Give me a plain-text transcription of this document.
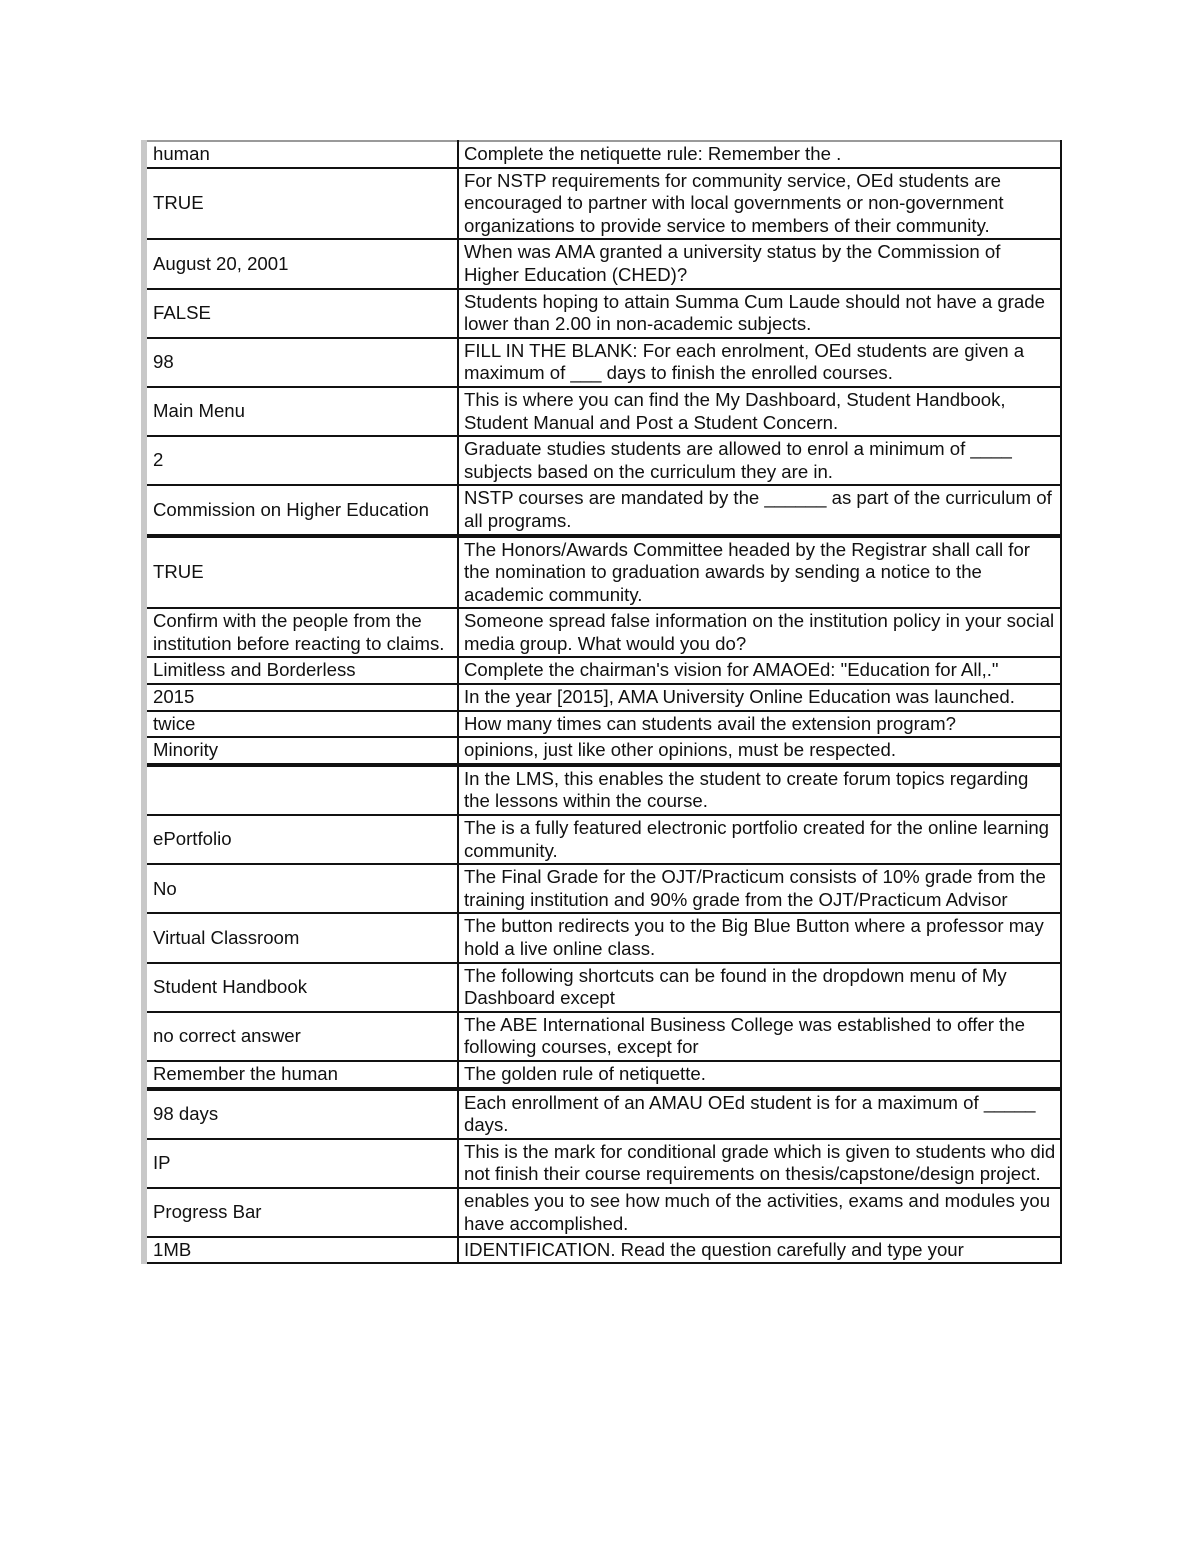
human	Complete the netiquette rule: Remember the .
TRUE	For NSTP requirements for community service, OEd students are encouraged to partner with local governments or non-government organizations to provide service to members of their community.
August 20, 2001	When was AMA granted a university status by the Commission of Higher Education (CHED)?
FALSE	Students hoping to attain Summa Cum Laude should not have a grade lower than 2.00 in non-academic subjects.
98	FILL IN THE BLANK: For each enrolment, OEd students are given a maximum of ___ days to finish the enrolled courses.
Main Menu	This is where you can find the My Dashboard, Student Handbook, Student Manual and Post a Student Concern.
2	Graduate studies students are allowed to enrol a minimum of ____ subjects based on the curriculum they are in.
Commission on Higher Education	NSTP courses are mandated by the ______ as part of the curriculum of all programs.
TRUE	The Honors/Awards Committee headed by the Registrar shall call for the nomination to graduation awards by sending a notice to the academic community.
Confirm with the people from the institution before reacting to claims.	Someone spread false information on the institution policy in your social media group. What would you do?
Limitless and Borderless	Complete the chairman's vision for AMAOEd: "Education for All,."
2015	In the year [2015], AMA University Online Education was launched.
twice	How many times can students avail the extension program?
Minority	opinions, just like other opinions, must be respected.
	In the LMS, this enables the student to create forum topics regarding the lessons within the course.
ePortfolio	The is a fully featured electronic portfolio created for the online learning community.
No	The Final Grade for the OJT/Practicum consists of 10% grade from the training institution and 90% grade from the OJT/Practicum Advisor
Virtual Classroom	The button redirects you to the Big Blue Button where a professor may hold a live online class.
Student Handbook	The following shortcuts can be found in the dropdown menu of My Dashboard except
no correct answer	The ABE International Business College was established to offer the following courses, except for
Remember the human	The golden rule of netiquette.
98 days	Each enrollment of an AMAU OEd student is for a maximum of _____ days.
IP	This is the mark for conditional grade which is given to students who did not finish their course requirements on thesis/capstone/design project.
Progress Bar	enables you to see how much of the activities, exams and modules you have accomplished.
1MB	IDENTIFICATION. Read the question carefully and type your
